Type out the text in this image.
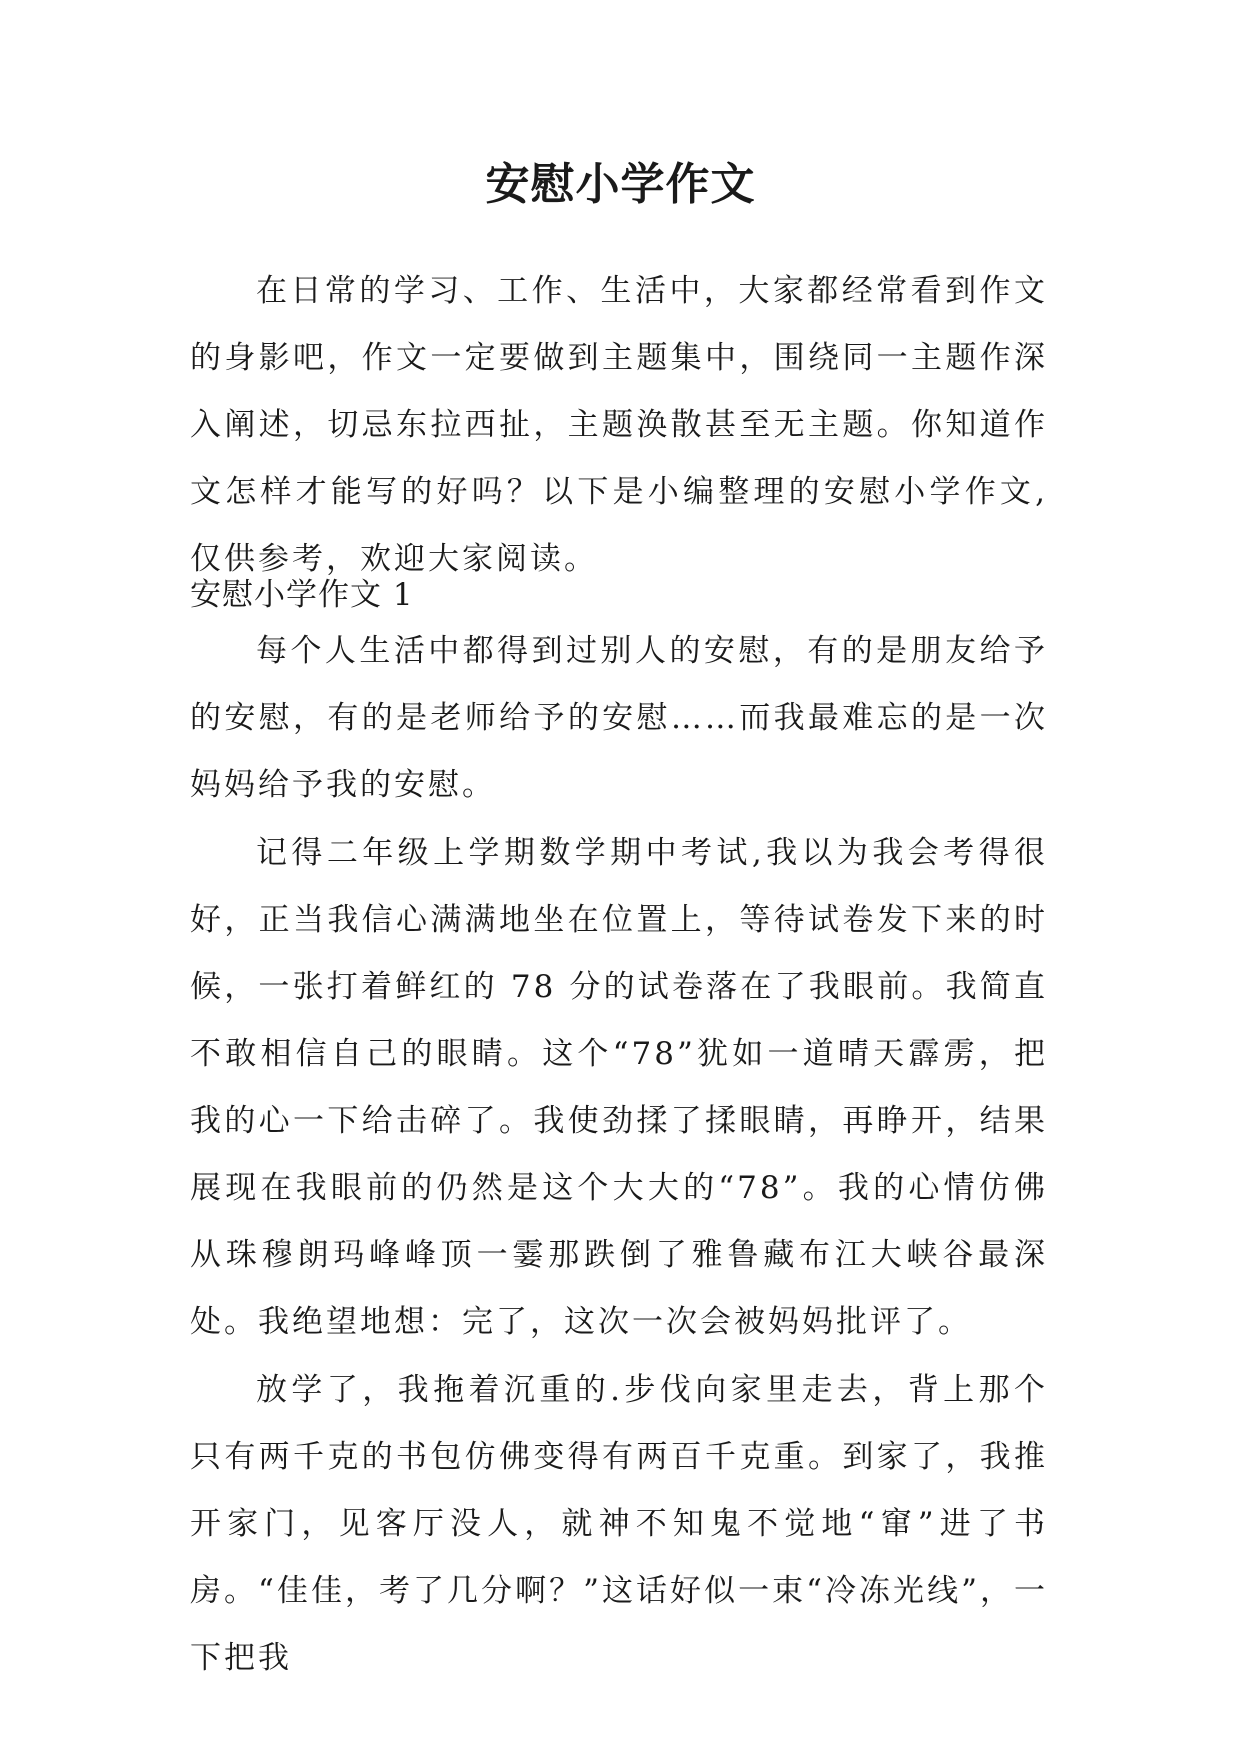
安慰小学作文

在日常的学习、工作、生活中，大家都经常看到作文的身影吧，作文一定要做到主题集中，围绕同一主题作深入阐述，切忌东拉西扯，主题涣散甚至无主题。你知道作文怎样才能写的好吗？以下是小编整理的安慰小学作文,仅供参考，欢迎大家阅读。

安慰小学作文 1

每个人生活中都得到过别人的安慰，有的是朋友给予的安慰，有的是老师给予的安慰……而我最难忘的是一次妈妈给予我的安慰。

记得二年级上学期数学期中考试,我以为我会考得很好，正当我信心满满地坐在位置上，等待试卷发下来的时候，一张打着鲜红的 78 分的试卷落在了我眼前。我简直不敢相信自己的眼睛。这个“78”犹如一道晴天霹雳，把我的心一下给击碎了。我使劲揉了揉眼睛，再睁开，结果展现在我眼前的仍然是这个大大的“78”。我的心情仿佛从珠穆朗玛峰峰顶一霎那跌倒了雅鲁藏布江大峡谷最深处。我绝望地想：完了，这次一次会被妈妈批评了。

放学了，我拖着沉重的.步伐向家里走去，背上那个只有两千克的书包仿佛变得有两百千克重。到家了，我推开家门，见客厅没人，就神不知鬼不觉地“窜”进了书房。“佳佳，考了几分啊？”这话好似一束“冷冻光线”，一下把我
